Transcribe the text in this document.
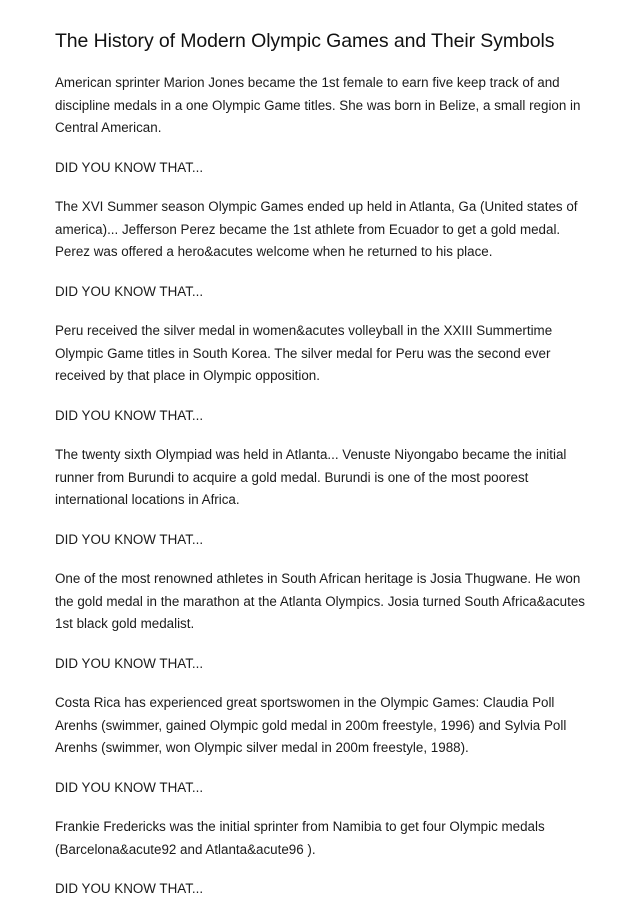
The History of Modern Olympic Games and Their Symbols

American sprinter Marion Jones became the 1st female to earn five keep track of and discipline medals in a one Olympic Game titles. She was born in Belize, a small region in Central American.

DID YOU KNOW THAT...

The XVI Summer season Olympic Games ended up held in Atlanta, Ga (United states of america)... Jefferson Perez became the 1st athlete from Ecuador to get a gold medal. Perez was offered a hero&acutes welcome when he returned to his place.

DID YOU KNOW THAT...

Peru received the silver medal in women&acutes volleyball in the XXIII Summertime Olympic Game titles in South Korea. The silver medal for Peru was the second ever received by that place in Olympic opposition.

DID YOU KNOW THAT...

The twenty sixth Olympiad was held in Atlanta... Venuste Niyongabo became the initial runner from Burundi to acquire a gold medal. Burundi is one of the most poorest international locations in Africa.

DID YOU KNOW THAT...

One of the most renowned athletes in South African heritage is Josia Thugwane. He won the gold medal in the marathon at the Atlanta Olympics. Josia turned South Africa&acutes 1st black gold medalist.

DID YOU KNOW THAT...

Costa Rica has experienced great sportswomen in the Olympic Games: Claudia Poll Arenhs (swimmer, gained Olympic gold medal in 200m freestyle, 1996) and Sylvia Poll Arenhs (swimmer, won Olympic silver medal in 200m freestyle, 1988).

DID YOU KNOW THAT...

Frankie Fredericks was the initial sprinter from Namibia to get four Olympic medals (Barcelona&acute92 and Atlanta&acute96 ).

DID YOU KNOW THAT...
